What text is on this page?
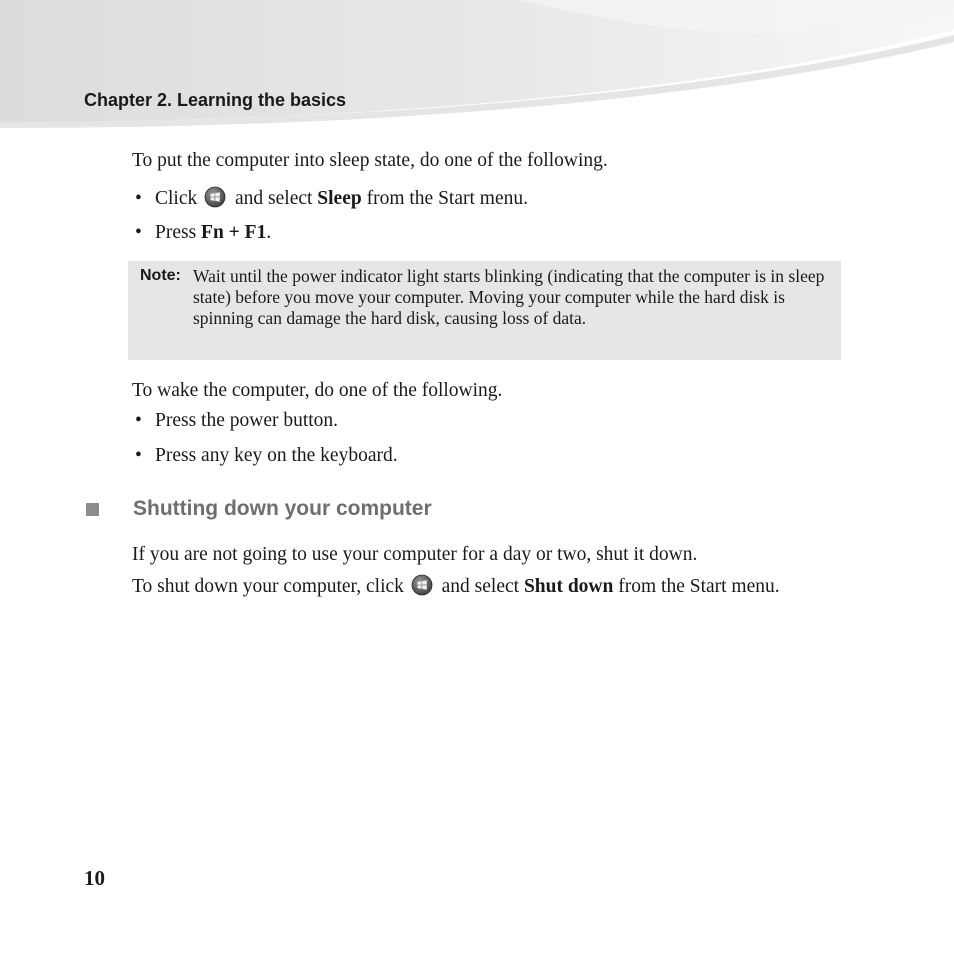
Chapter 2. Learning the basics
To put the computer into sleep state, do one of the following.
• Click and select Sleep from the Start menu.
• Press Fn + F1.
Note: Wait until the power indicator light starts blinking (indicating that the computer is in sleep state) before you move your computer. Moving your computer while the hard disk is spinning can damage the hard disk, causing loss of data.
To wake the computer, do one of the following.
• Press the power button.
• Press any key on the keyboard.
Shutting down your computer
If you are not going to use your computer for a day or two, shut it down.
To shut down your computer, click and select Shut down from the Start menu.
10
